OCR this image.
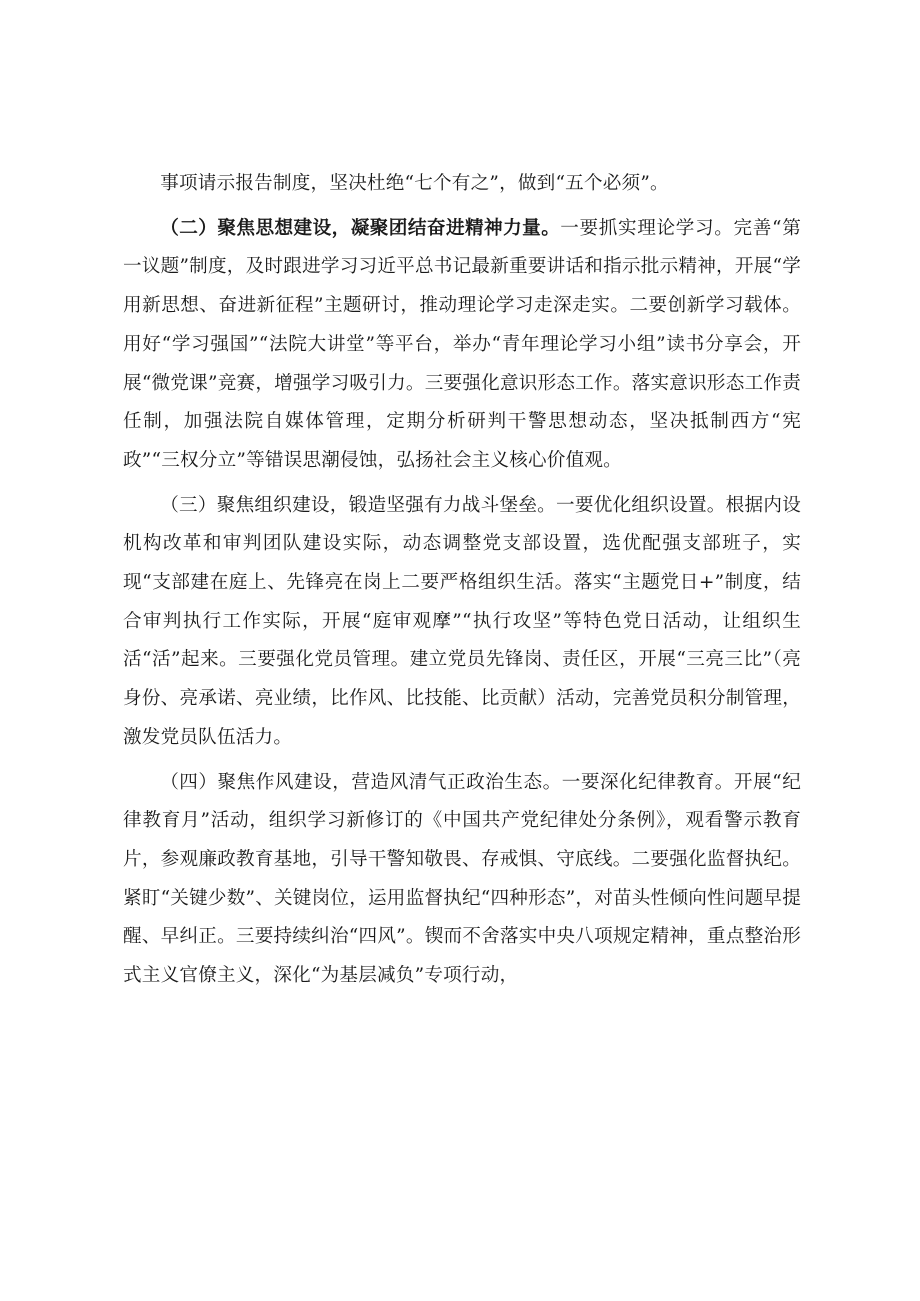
事项请示报告制度，坚决杜绝“七个有之”，做到“五个必须”。

（二）聚焦思想建设，凝聚团结奋进精神力量。一要抓实理论学习。完善“第一议题”制度，及时跟进学习习近平总书记最新重要讲话和指示批示精神，开展“学用新思想、奋进新征程”主题研讨，推动理论学习走深走实。二要创新学习载体。用好“学习强国”“法院大讲堂”等平台，举办“青年理论学习小组”读书分享会，开展“微党课”竞赛，增强学习吸引力。三要强化意识形态工作。落实意识形态工作责任制，加强法院自媒体管理，定期分析研判干警思想动态，坚决抵制西方“宪政”“三权分立”等错误思潮侵蚀，弘扬社会主义核心价值观。

（三）聚焦组织建设，锻造坚强有力战斗堡垒。一要优化组织设置。根据内设机构改革和审判团队建设实际，动态调整党支部设置，选优配强支部班子，实现“支部建在庭上、先锋亮在岗上二要严格组织生活。落实“主题党日+”制度，结合审判执行工作实际，开展“庭审观摩”“执行攻坚”等特色党日活动，让组织生活“活”起来。三要强化党员管理。建立党员先锋岗、责任区，开展“三亮三比”（亮身份、亮承诺、亮业绩，比作风、比技能、比贡献）活动，完善党员积分制管理，激发党员队伍活力。

（四）聚焦作风建设，营造风清气正政治生态。一要深化纪律教育。开展“纪律教育月”活动，组织学习新修订的《中国共产党纪律处分条例》，观看警示教育片，参观廉政教育基地，引导干警知敬畏、存戒惧、守底线。二要强化监督执纪。紧盯“关键少数”、关键岗位，运用监督执纪“四种形态”，对苗头性倾向性问题早提醒、早纠正。三要持续纠治“四风”。锲而不舍落实中央八项规定精神，重点整治形式主义官僚主义，深化“为基层减负”专项行动，
